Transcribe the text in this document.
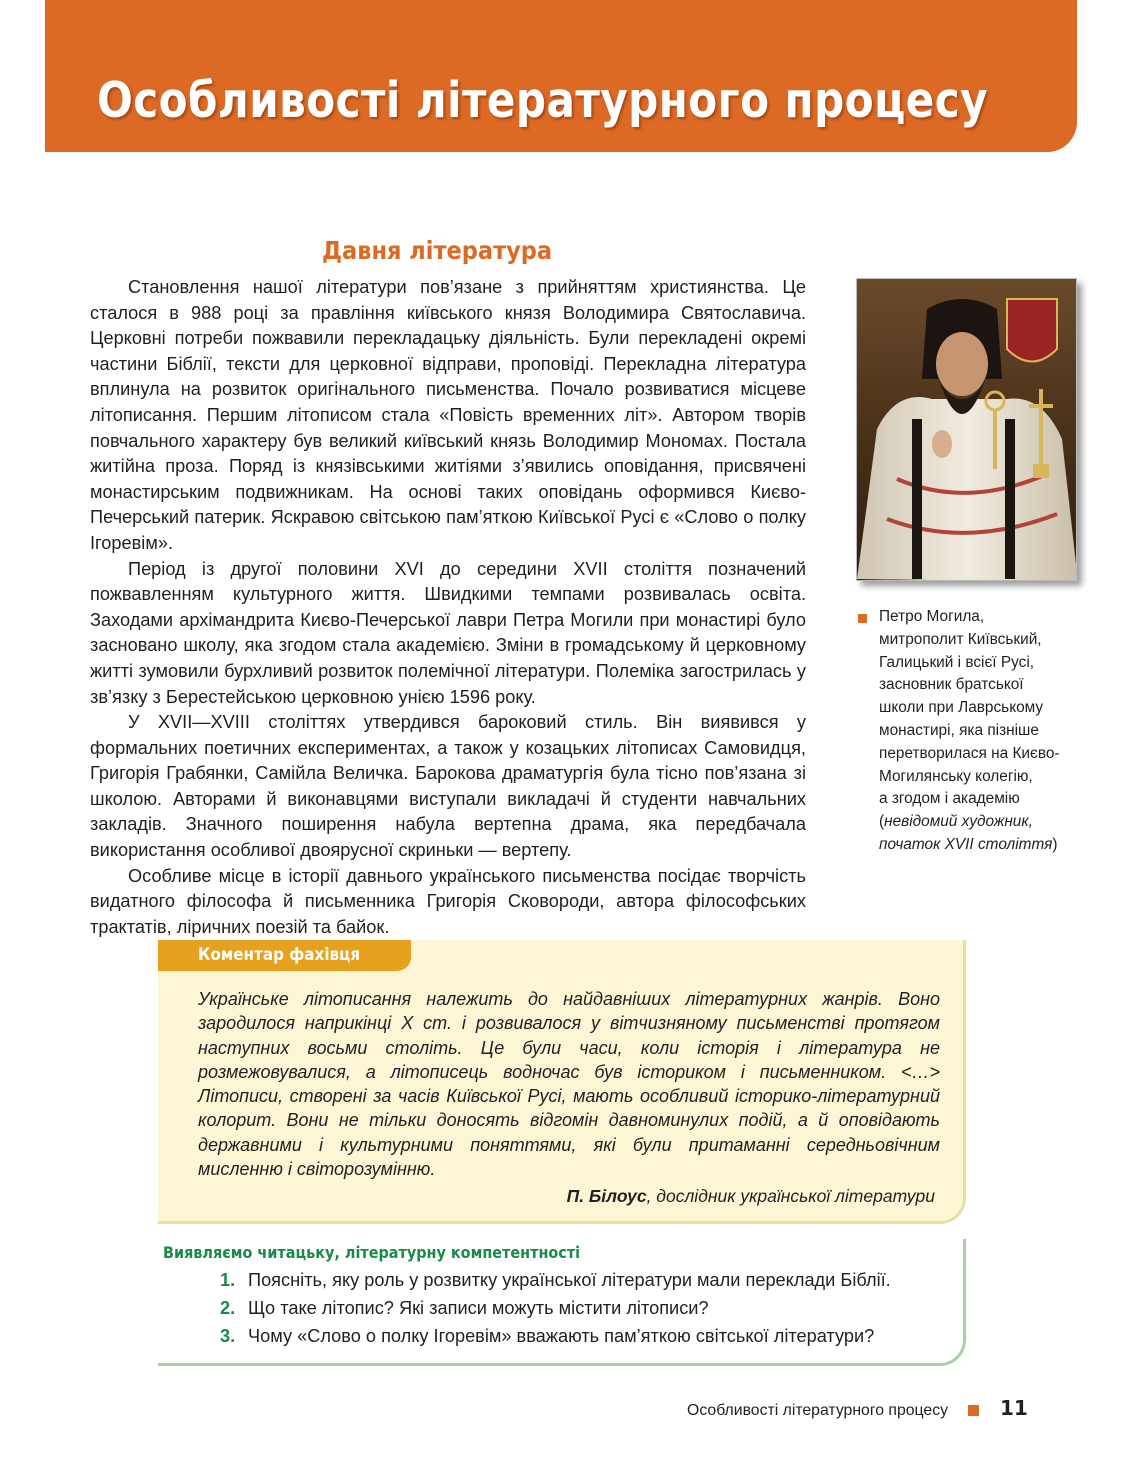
Особливості літературного процесу
Давня література

Становлення нашої літератури пов’язане з прийняттям християнства. Це сталося в 988 році за правління київського князя Володимира Святославича. Церковні потреби пожвавили перекладацьку діяльність. Були перекладені окремі частини Біблії, тексти для церковної відправи, проповіді. Перекладна література вплинула на розвиток оригінального письменства. Почало розвиватися місцеве літописання. Першим літописом стала «Повість временних літ». Автором творів повчального характеру був великий київський князь Володимир Мономах. Постала житійна проза. Поряд із князівськими житіями з’явились оповідання, присвячені монастирським подвижникам. На основі таких оповідань оформився Києво-Печерський патерик. Яскравою світською пам’яткою Київської Русі є «Слово о полку Ігоревім».

Період із другої половини XVI до середини XVII століття позначений пожвавленням культурного життя. Швидкими темпами розвивалась освіта. Заходами архімандрита Києво-Печерської лаври Петра Могили при монастирі було засновано школу, яка згодом стала академією. Зміни в громадському й церковному житті зумовили бурхливий розвиток полемічної літератури. Полеміка загострилась у зв’язку з Берестейською церковною унією 1596 року.

У XVII—XVIII століттях утвердився бароковий стиль. Він виявився у формальних поетичних експериментах, а також у козацьких літописах Самовидця, Григорія Грабянки, Самійла Величка. Барокова драматургія була тісно пов’язана зі школою. Авторами й виконавцями виступали викладачі й студенти навчальних закладів. Значного поширення набула вертепна драма, яка передбачала використання особливої двоярусної скриньки — вертепу.

Особливе місце в історії давнього українського письменства посідає творчість видатного філософа й письменника Григорія Сковороди, автора філософських трактатів, ліричних поезій та байок.

Петро Могила,
митрополит Київський,
Галицький і всієї Русі,
засновник братської
школи при Лаврському
монастирі, яка пізніше
перетворилася на Києво-
Могилянську колегію,
а згодом і академію
(невідомий художник,
початок XVII століття)
Коментар фахівця
Українське літописання належить до найдавніших літературних жанрів. Воно зародилося наприкінці X ст. і розвивалося у вітчизняному письменстві протягом наступних восьми століть. Це були часи, коли історія і література не розмежовувалися, а літописець водночас був істориком і письменником. <…> Літописи, створені за часів Київської Русі, мають особливий історико-літературний колорит. Вони не тільки доносять відгомін давноминулих подій, а й оповідають державними і культурними поняттями, які були притаманні середньовічним мисленню і світорозумінню.
П. Білоус, дослідник української літератури
Виявляємо читацьку, літературну компетентності
1. Поясніть, яку роль у розвитку української літератури мали переклади Біблії.
2. Що таке літопис? Які записи можуть містити літописи?
3. Чому «Слово о полку Ігоревім» вважають пам’яткою світської літератури?
Особливості літературного процесу	11
